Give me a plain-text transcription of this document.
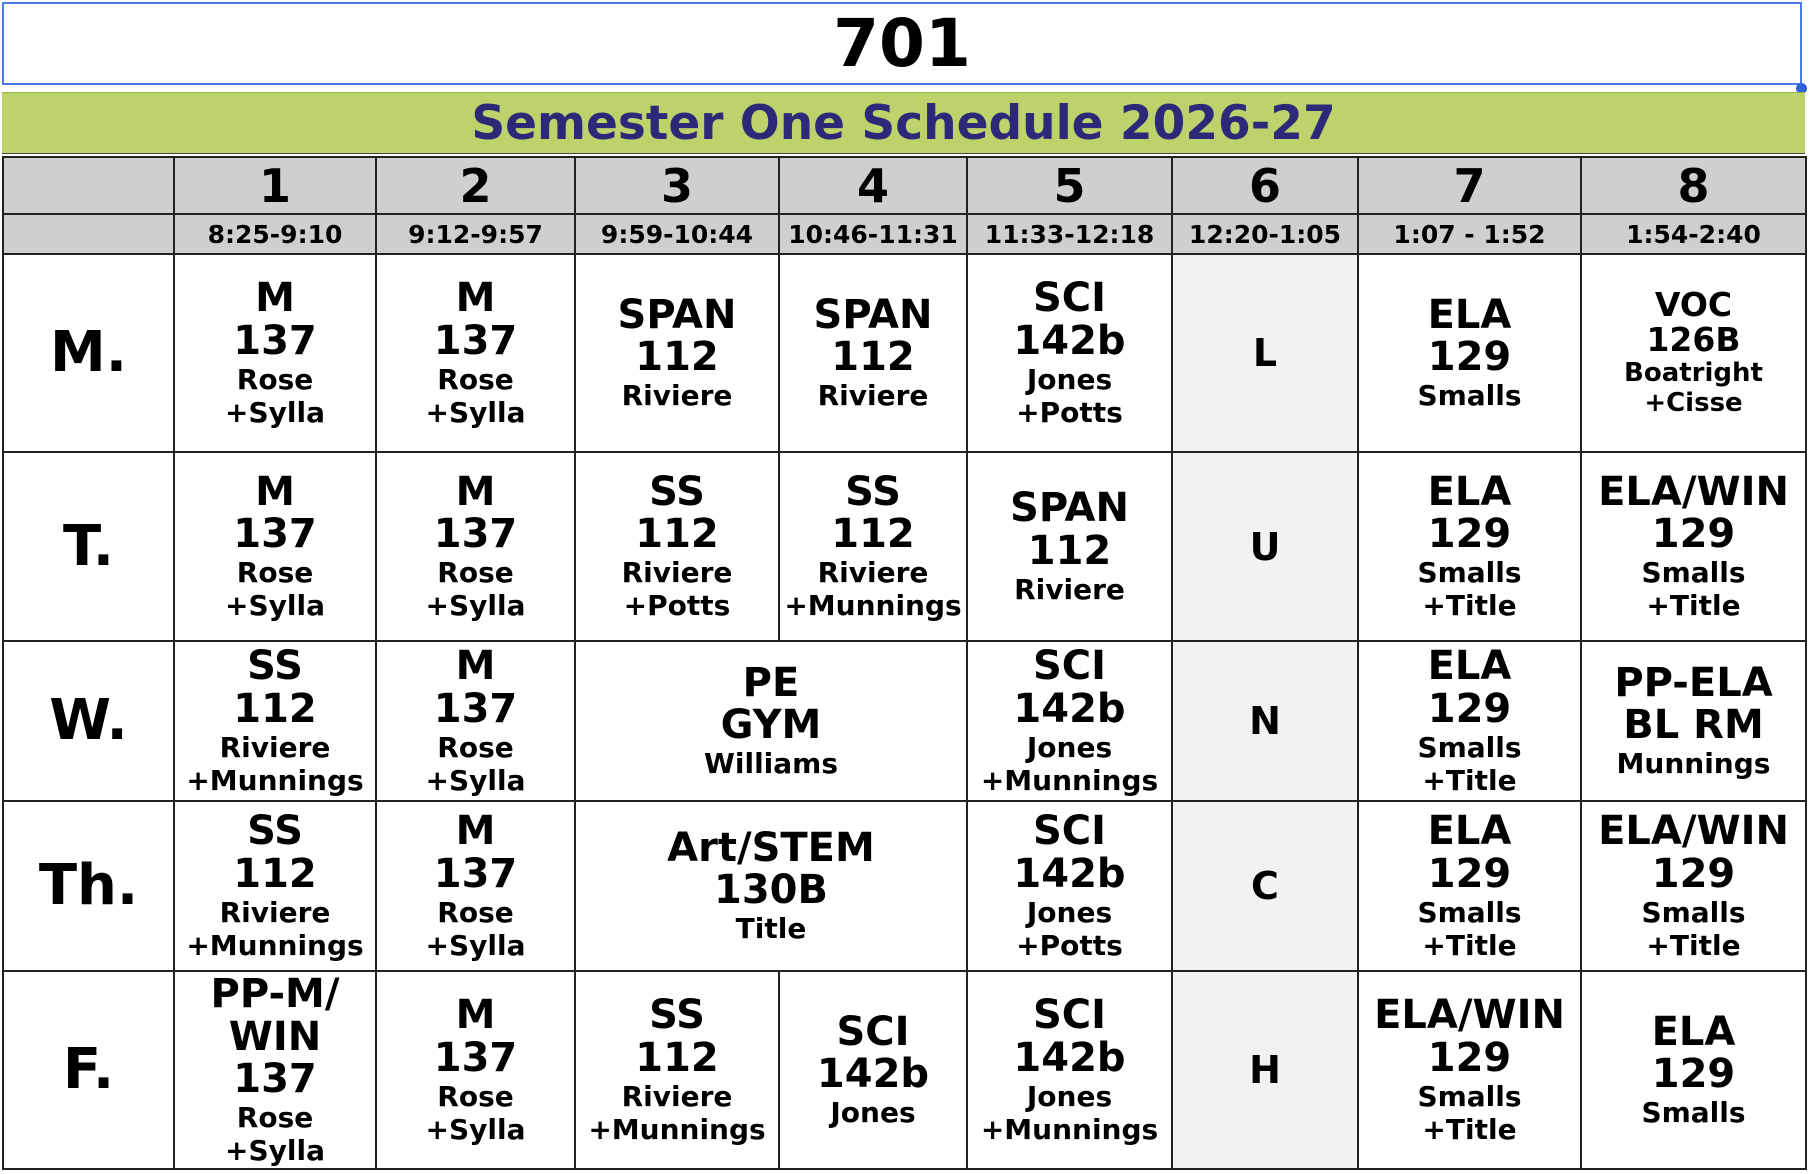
701
Semester One Schedule 2026-27
	1	2	3	4	5	6	7	8
	8:25-9:10	9:12-9:57	9:59-10:44	10:46-11:31	11:33-12:18	12:20-1:05	1:07 - 1:52	1:54-2:40
M.	M
137
Rose
+Sylla	M
137
Rose
+Sylla	SPAN
112
Riviere	SPAN
112
Riviere	SCI
142b
Jones
+Potts	L	ELA
129
Smalls	VOC
126B
Boatright
+Cisse

T.	M
137
Rose
+Sylla	M
137
Rose
+Sylla	SS
112
Riviere
+Potts	SS
112
Riviere
+Munnings	SPAN
112
Riviere	U	ELA
129
Smalls
+Title	ELA/WIN
129
Smalls
+Title

W.	SS
112
Riviere
+Munnings	M
137
Rose
+Sylla	PE
GYM
Williams		SCI
142b
Jones
+Munnings	N	ELA
129
Smalls
+Title	PP-ELA
BL RM
Munnings

Th.	SS
112
Riviere
+Munnings	M
137
Rose
+Sylla	Art/STEM
130B
Title		SCI
142b
Jones
+Potts	C	ELA
129
Smalls
+Title	ELA/WIN
129
Smalls
+Title

F.	PP-M/
WIN
137
Rose
+Sylla	M
137
Rose
+Sylla	SS
112
Riviere
+Munnings	SCI
142b
Jones	SCI
142b
Jones
+Munnings	H	ELA/WIN
129
Smalls
+Title	ELA
129
Smalls
